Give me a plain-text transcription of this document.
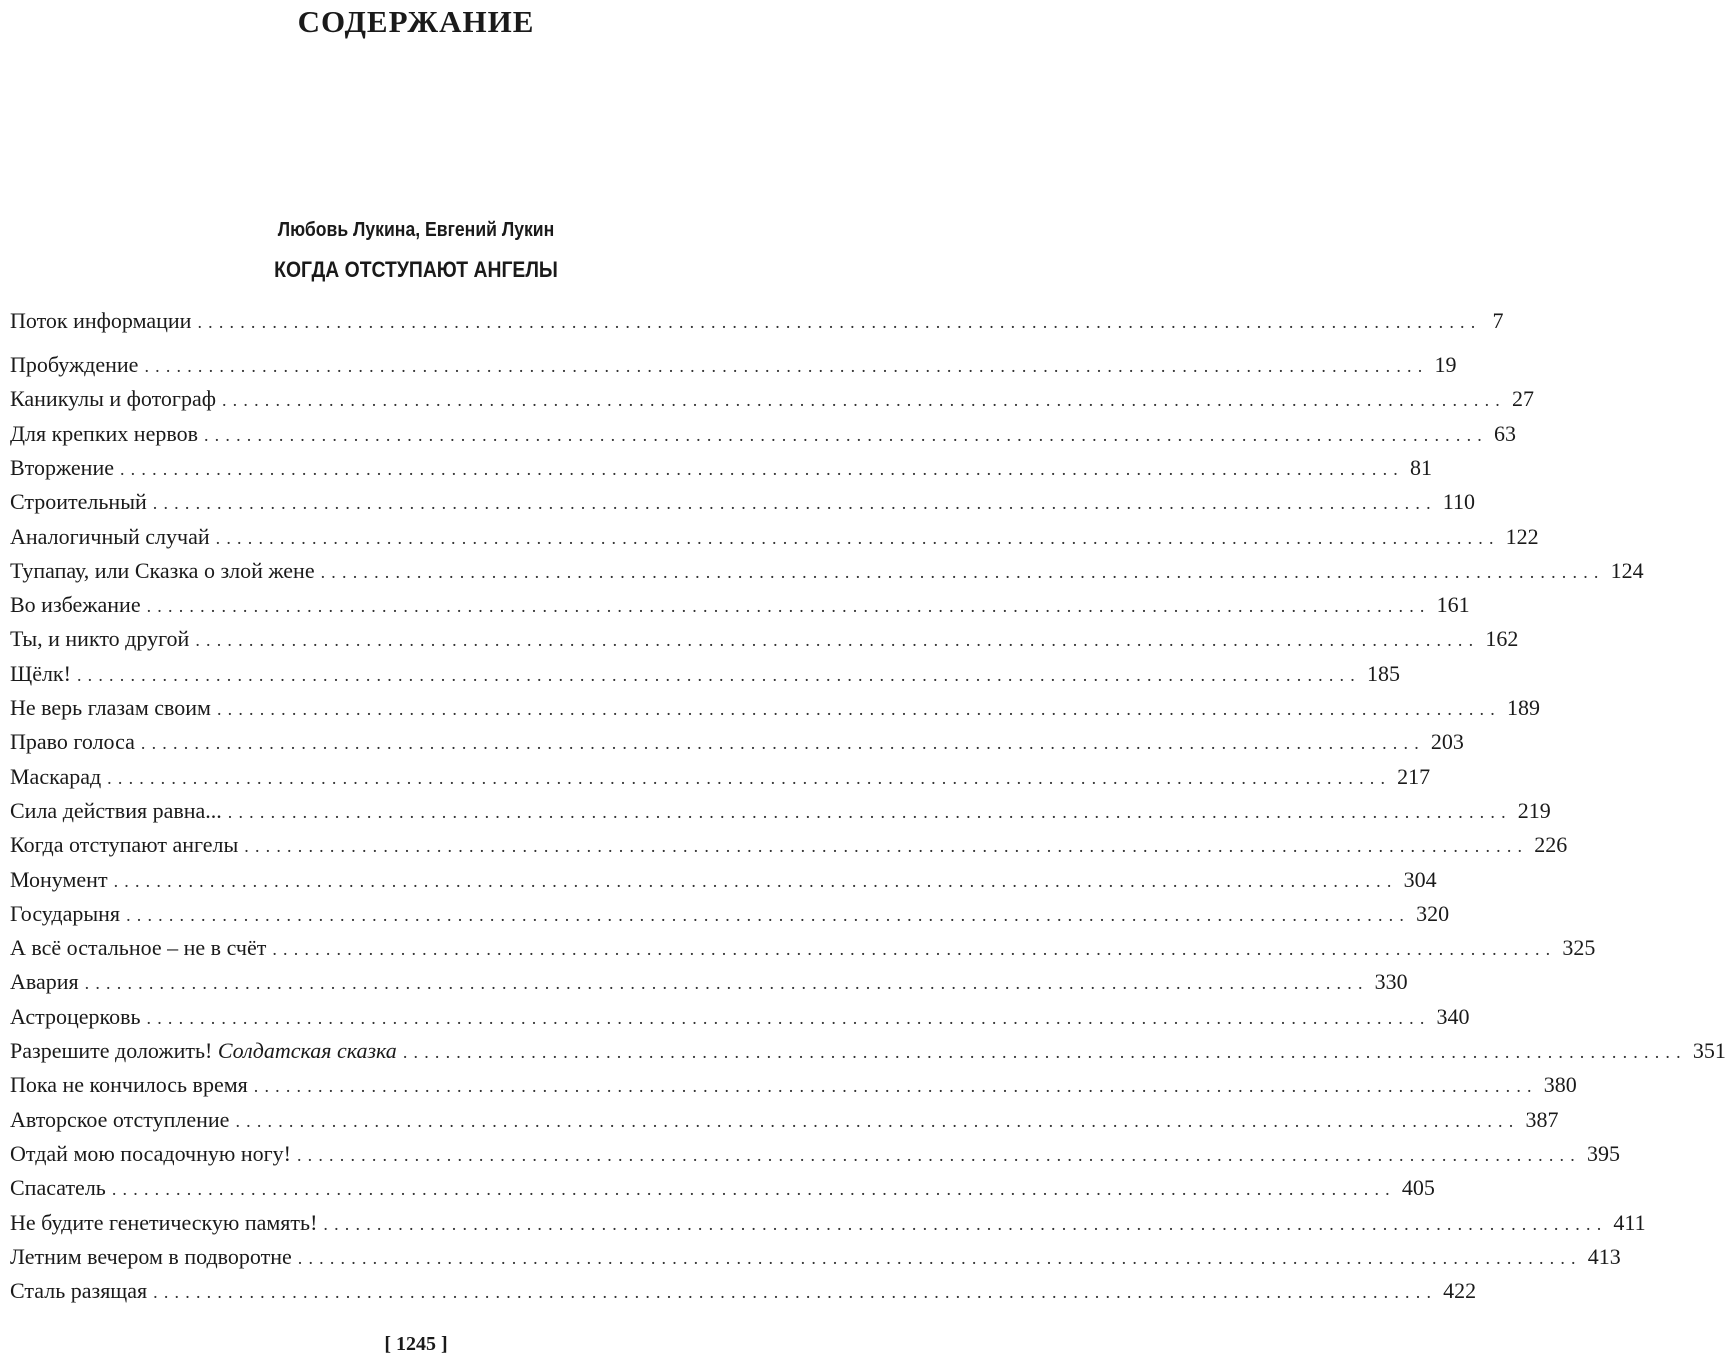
СОДЕРЖАНИЕ
Любовь Лукина, Евгений Лукин
КОГДА ОТСТУПАЮТ АНГЕЛЫ
Поток информации ........................................................................................................................ 7
Пробуждение ........................................................................................................................ 19
Каникулы и фотограф ........................................................................................................................ 27
Для крепких нервов ........................................................................................................................ 63
Вторжение ........................................................................................................................ 81
Строительный ........................................................................................................................ 110
Аналогичный случай ........................................................................................................................ 122
Тупапау, или Сказка о злой жене ........................................................................................................................ 124
Во избежание ........................................................................................................................ 161
Ты, и никто другой ........................................................................................................................ 162
Щёлк! ........................................................................................................................ 185
Не верь глазам своим ........................................................................................................................ 189
Право голоса ........................................................................................................................ 203
Маскарад ........................................................................................................................ 217
Сила действия равна... ........................................................................................................................ 219
Когда отступают ангелы ........................................................................................................................ 226
Монумент ........................................................................................................................ 304
Государыня ........................................................................................................................ 320
А всё остальное – не в счёт ........................................................................................................................ 325
Авария ........................................................................................................................ 330
Астроцерковь ........................................................................................................................ 340
Разрешите доложить! Солдатская сказка ........................................................................................................................ 351
Пока не кончилось время ........................................................................................................................ 380
Авторское отступление ........................................................................................................................ 387
Отдай мою посадочную ногу! ........................................................................................................................ 395
Спасатель ........................................................................................................................ 405
Не будите генетическую память! ........................................................................................................................ 411
Летним вечером в подворотне ........................................................................................................................ 413
Сталь разящая ........................................................................................................................ 422
[ 1245 ]
